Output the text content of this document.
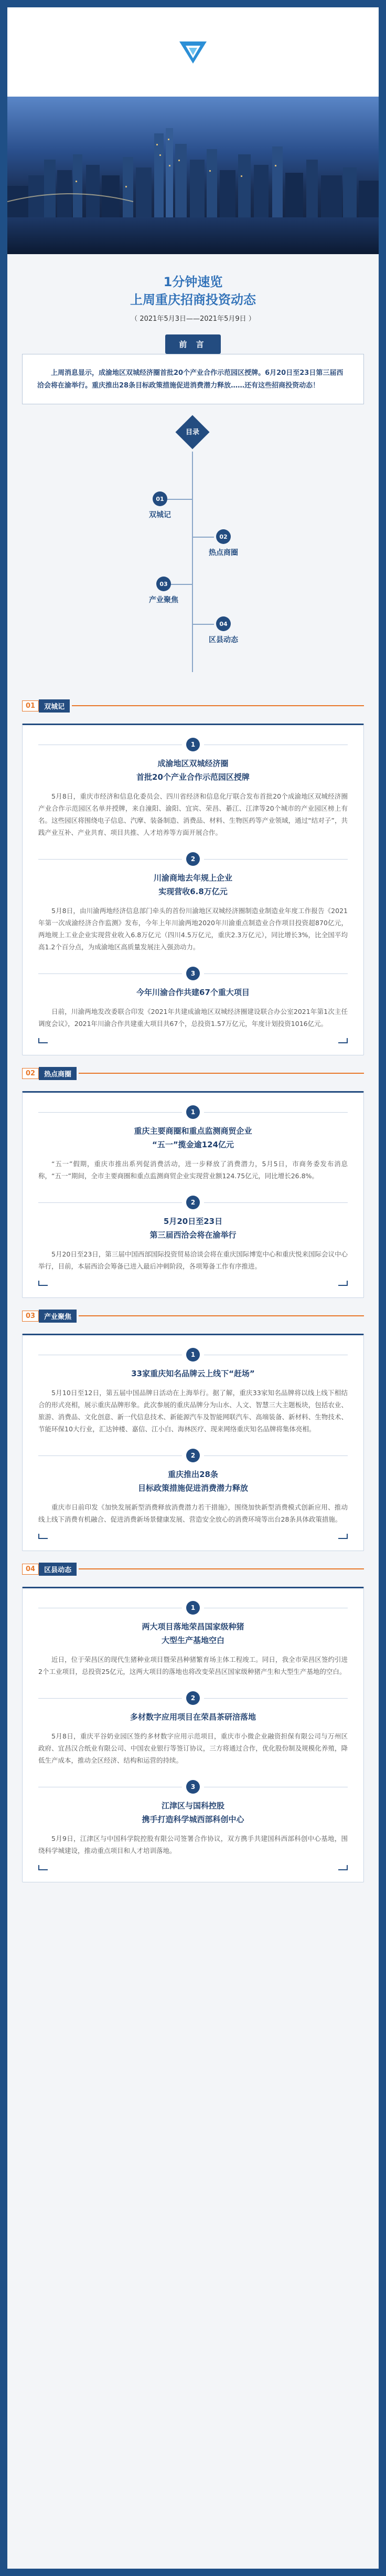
1分钟速览
上周重庆招商投资动态
（ 2021年5月3日——2021年5月9日 ）
前 言
上周消息显示，成渝地区双城经济圈首批20个产业合作示范园区授牌。6月20日至23日第三届西洽会将在渝举行。重庆推出28条目标政策措施促进消费潜力释放……还有这些招商投资动态！
目录
01
双城记
02
热点商圈
03
产业聚焦
04
区县动态
01	双城记
1
成渝地区双城经济圈
首批20个产业合作示范园区授牌
5月8日，重庆市经济和信息化委员会、四川省经济和信息化厅联合发布首批20个成渝地区双城经济圈产业合作示范园区名单并授牌，来自潼阳、渝阳、宜宾、荣昌、綦江、江津等20个城市的产业园区榜上有名。这些园区将围绕电子信息、汽摩、装备制造、消费品、材料、生物医药等产业领域，通过“结对子”，共践产业互补、产业共育、项目共推、人才培养等方面开展合作。
2
川渝商地去年规上企业
实现营收6.8万亿元
5月8日，由川渝两地经济信息部门牵头的首份川渝地区双城经济圈制造业制造业年度工作报告《2021年第一次成渝经济合作监测》发布，今年上年川渝两地2020年川渝重点制造业合作项目投资超870亿元，两地规上工业企业实现营业收入6.8万亿元（四川4.5万亿元，重庆2.3万亿元），同比增长3%，比全国平均高1.2个百分点，为成渝地区高质量发展注入强劲动力。
3
今年川渝合作共建67个重大项目
日前，川渝两地发改委联合印发《2021年共建成渝地区双城经济圈建设联合办公室2021年第1次主任调度会议》，2021年川渝合作共建重大项目共67个，总投资1.57万亿元，年度计划投资1016亿元。
02	热点商圈
1
重庆主要商圈和重点监测商贸企业
“五一”揽金逾124亿元
“五一”假期，重庆市推出系列促消费活动，进一步释放了消费潜力，5月5日，市商务委发布消息称，“五一”期间，全市主要商圈和重点监测商贸企业实现营业额124.75亿元，同比增长26.8%。
2
5月20日至23日
第三届西洽会将在渝举行
5月20日至23日，第三届中国西部国际投资贸易洽谈会将在重庆国际博览中心和重庆悦来国际会议中心举行，目前，本届西洽会筹备已进入最后冲刺阶段，各项筹备工作有序推进。
03	产业聚焦
1
33家重庆知名品牌云上线下“赶场”
5月10日至12日，第五届中国品牌日活动在上海举行。据了解，重庆33家知名品牌将以线上线下相结合的形式亮相，展示重庆品牌形象。此次参展的重庆品牌分为山水、人文、智慧三大主题板块，包括农业、旅游、消费品、文化创意、新一代信息技术、新能源汽车及智能网联汽车、高端装备、新材料、生物技术、节能环保10大行业，汇达钟楼、嘉信、江小白、海林医疗、现来网络重庆知名品牌将集体亮相。
2
重庆推出28条
目标政策措施促进消费潜力释放
重庆市日前印发《加快发展新型消费释放消费潜力若干措施》，围绕加快新型消费模式创新应用、推动线上线下消费有机融合、促进消费新场景健康发展、营造安全放心的消费环境等出台28条具体政策措施。
04	区县动态
1
两大项目落地荣昌国家级种猪
大型生产基地空白
近日，位于荣昌区的现代生猪种业项目暨荣昌种猪繁育场主体工程竣工。同日，我全市荣昌区签约引进2个工业项目，总投资25亿元，这两大项目的落地也将改变荣昌区国家级种猪产生和大型生产基地的空白。
2
多材数字应用项目在荣昌茶研涪落地
5月8日，重庆平谷奶业园区签约多材数字应用示范项目，重庆市小微企业融资担保有限公司与万州区政府、宜昌汉合纸业有限公司、中国农业银行等签订协议，三方将通过合作，优化股份制及规模化养殖，降低生产成本，推动全区经济、结构和运营的持续。
3
江津区与国科控股
携手打造科学城西部科创中心
5月9日，江津区与中国科学院控股有限公司签署合作协议，双方携手共建国科西部科创中心基地，围绕科学城建设，推动重点项目和人才培训落地。
